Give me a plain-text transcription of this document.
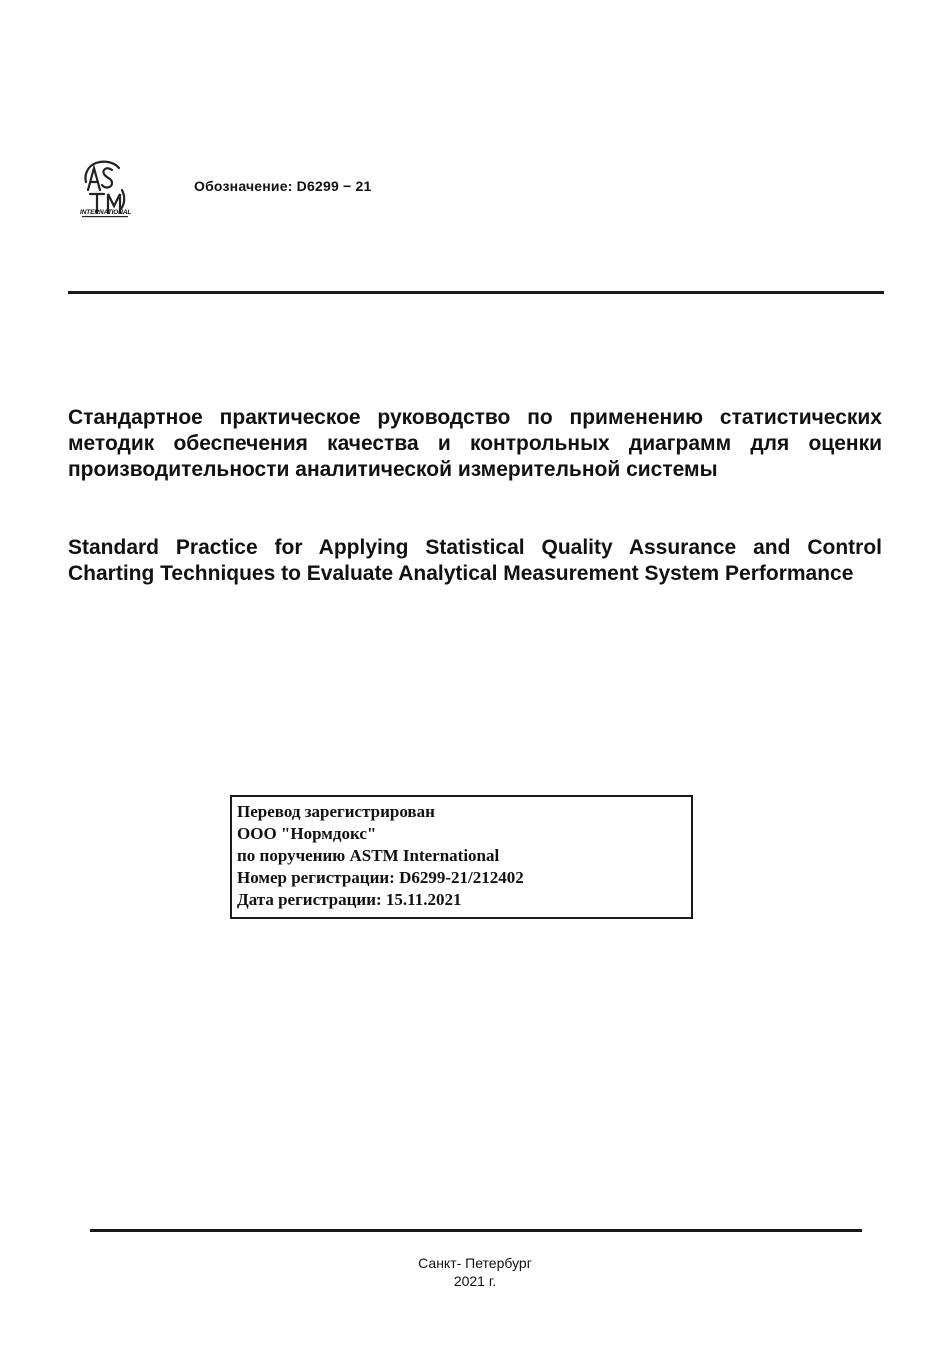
INTERNATIONAL
Обозначение: D6299 − 21
Стандартное практическое руководство по применению статистических методик обеспечения качества и контрольных диаграмм для оценки производительности аналитической измерительной системы
Standard Practice for Applying Statistical Quality Assurance and Control Charting Techniques to Evaluate Analytical Measurement System Performance
Перевод зарегистрирован
ООО "Нормдокс"
по поручению ASTM International
Номер регистрации: D6299-21/212402
Дата регистрации: 15.11.2021
Санкт- Петербург
2021 г.
